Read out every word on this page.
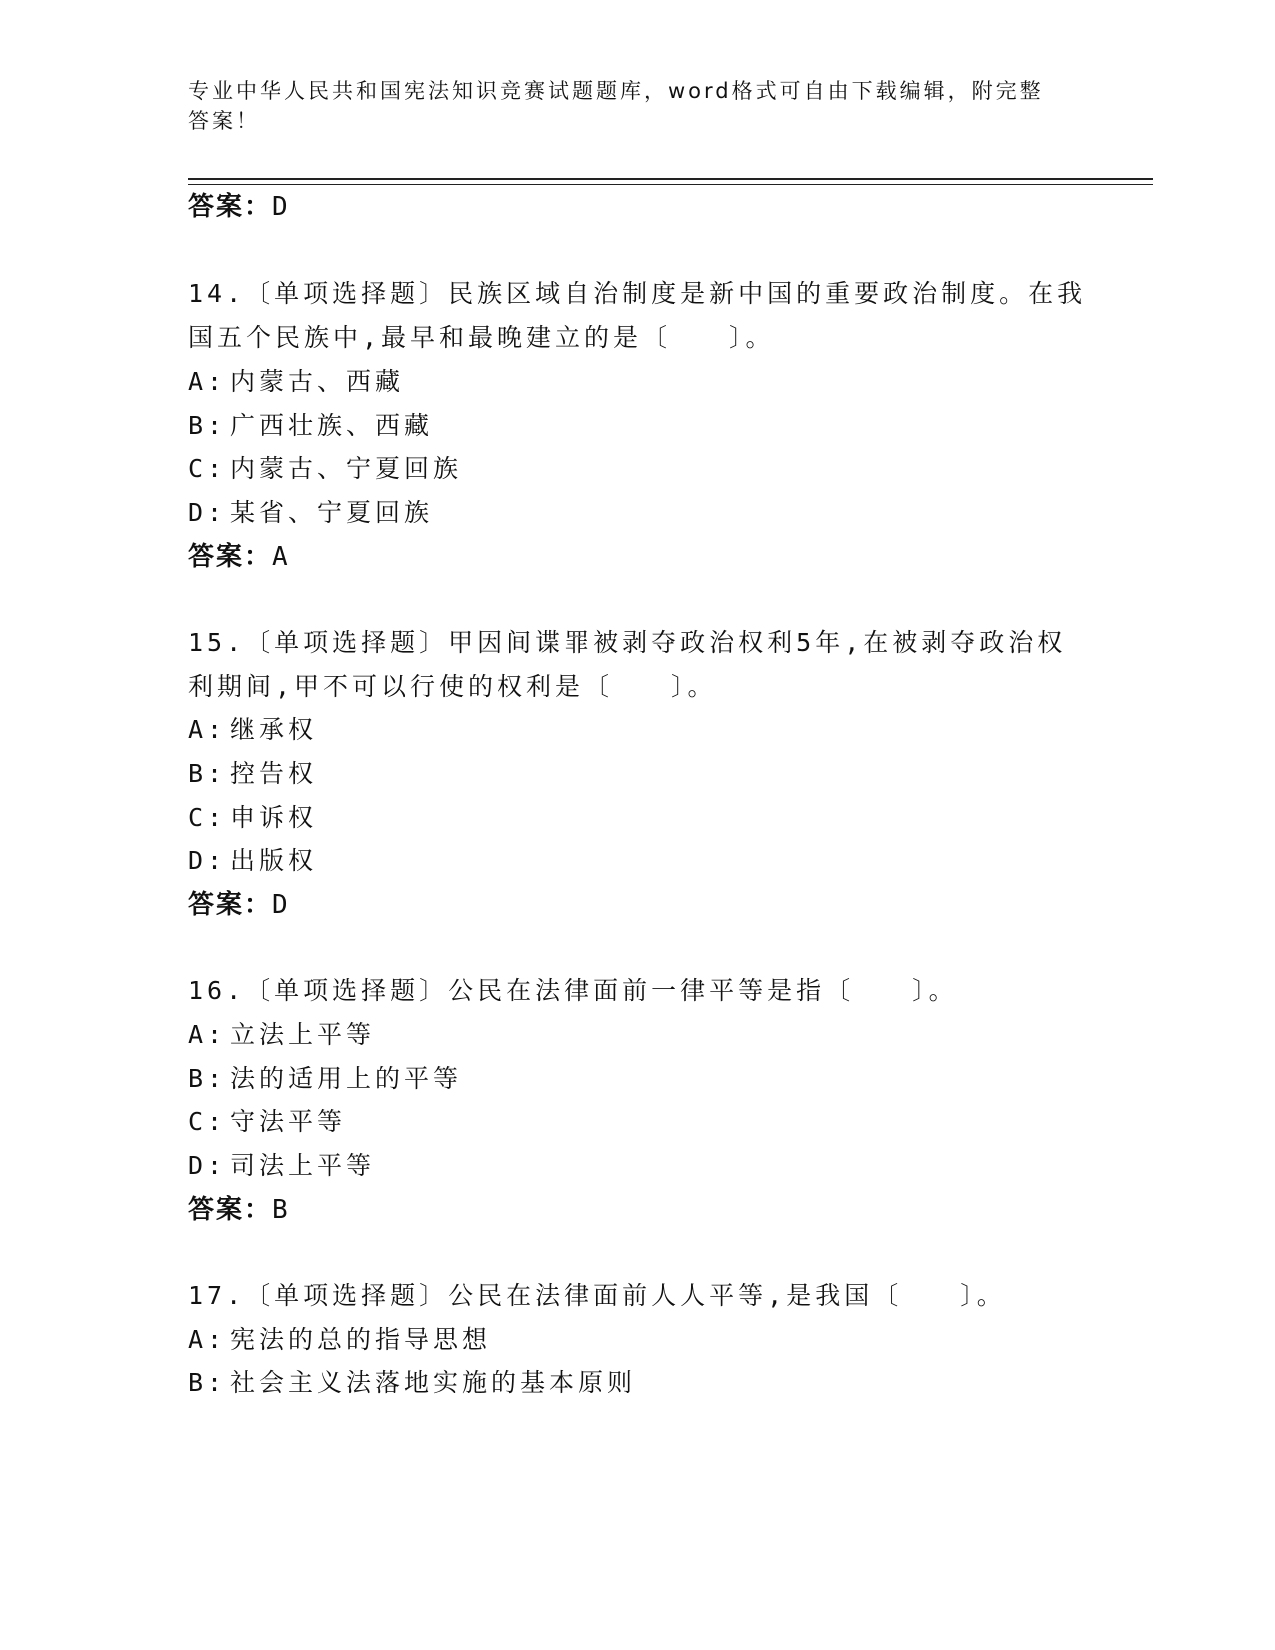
专业中华人民共和国宪法知识竞赛试题题库，word格式可自由下载编辑，附完整
答案！
答案：D
14.〔单项选择题〕民族区域自治制度是新中国的重要政治制度。在我
国五个民族中,最早和最晚建立的是〔　　〕。
A: 内蒙古、西藏
B: 广西壮族、西藏
C: 内蒙古、宁夏回族
D: 某省、宁夏回族
答案：A
15.〔单项选择题〕甲因间谍罪被剥夺政治权利5年,在被剥夺政治权
利期间,甲不可以行使的权利是〔　　〕。
A: 继承权
B: 控告权
C: 申诉权
D: 出版权
答案：D
16.〔单项选择题〕公民在法律面前一律平等是指〔　　〕。
A: 立法上平等
B: 法的适用上的平等
C: 守法平等
D: 司法上平等
答案：B
17.〔单项选择题〕公民在法律面前人人平等,是我国〔　　〕。
A: 宪法的总的指导思想
B: 社会主义法落地实施的基本原则
